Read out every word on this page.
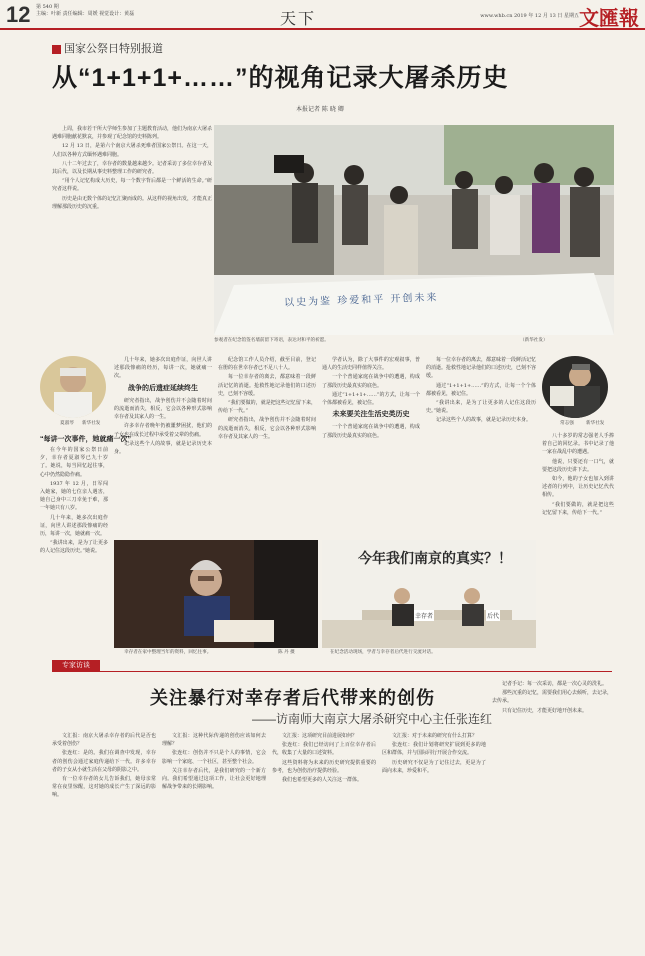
12 第 540 期
主编：叶新 责任编辑：周媛 视觉设计：黄磊	天下	www.whb.cn 2019 年 12 月 13 日 星期五 文匯報
国家公祭日特别报道
从“1+1+1+……”的视角记录大屠杀历史
本报记者 陈 晓 卿

上周，我市若干所大学师生参加了主题教育活动，他们为南京大屠杀遇难同胞献花默哀，并参观了纪念馆的史料陈列。

12 月 13 日，是第六个南京大屠杀死难者国家公祭日。在这一天，人们以各种方式缅怀遇难同胞。

八十二年过去了，幸存者的数量越来越少。记者采访了多位幸存者及其后代，以及长期从事史料整理工作的研究者。

“用个人记忆构成大历史，每一个数字背后都是一个鲜活的生命。”研究者这样说。

历史是由无数个体的记忆汇聚而成的。从这样的视角出发，才能真正理解那段历史的沉重。

以史为鉴 珍爱和平 开创未来
参观者在纪念馆签名墙前留下寄语，表达对和平的祈愿。	（新华社发）
夏淑琴 新华社发
“每讲一次事件，她就痛一次”

在今年的国家公祭日前夕，幸存者夏淑琴已九十岁了。她说，每当回忆起往事，心中仍然隐隐作痛。

1937 年 12 月，日军闯入她家，她的七位亲人遇害，她自己身中三刀幸免于难，那一年她只有八岁。

几十年来，她多次出庭作证，向世人讲述那段惨痛的经历，每讲一次，她就痛一次。

“我讲出来，是为了让更多的人记住这段历史。”她说。

几十年来，她多次出庭作证，向世人讲述那段惨痛的经历，每讲一次，她就痛一次。

战争的后遗症延续终生

研究者指出，战争创伤并不会随着时间的流逝而消失，相反，它会以各种形式影响幸存者及其家人的一生。

许多幸存者晚年仍被噩梦困扰，他们的子女也在成长过程中承受着父辈的伤痛。

记录这些个人的故事，就是记录历史本身。

纪念馆工作人员介绍，截至目前，登记在册的在世幸存者已不足八十人。

每一位幸存者的离去，都意味着一段鲜活记忆的消逝。抢救性地记录他们的口述历史，已刻不容缓。

“我们要做的，就是把这些记忆留下来，传给下一代。”

研究者指出，战争创伤并不会随着时间的流逝而消失，相反，它会以各种形式影响幸存者及其家人的一生。

学者认为，除了大事件的宏观叙事，普通人的生活史同样值得关注。

一个个普通家庭在战争中的遭遇，构成了那段历史最真实的底色。

通过“1+1+1+……”的方式，让每一个个体都被看见，被记住。

未来要关注生活史类历史

一个个普通家庭在战争中的遭遇，构成了那段历史最真实的底色。

每一位幸存者的离去，都意味着一段鲜活记忆的消逝。抢救性地记录他们的口述历史，已刻不容缓。

通过“1+1+1+……”的方式，让每一个个体都被看见，被记住。

“我讲出来，是为了让更多的人记住这段历史。”她说。

记录这些个人的故事，就是记录历史本身。

常志强	新华社发

八十多岁的常志强老人手捧着自己的回忆录。书中记录了他一家在战乱中的遭遇。

他说，只要还有一口气，就要把这段历史讲下去。

如今，他的子女也加入到讲述者的行列中，让历史记忆代代相传。

“我们要做的，就是把这些记忆留下来，传给下一代。”

幸存者在家中整理当年的资料，回忆往事。	陈 丹 摄
今年我们南京的真实？！
幸存者	后代
在纪念活动现场，学者与幸存者后代进行交流对话。
专家访谈
关注暴行对幸存者后代带来的创伤
——访南师大南京大屠杀研究中心主任张连红

文汇报：南京大屠杀幸存者的后代是否也承受着创伤？

张连红：是的。我们在调查中发现，幸存者的创伤会通过家庭传递给下一代。许多幸存者的子女从小就生活在父母的阴影之中。

有一位幸存者的女儿告诉我们，她母亲常常在夜里惊醒，这对她的成长产生了深远的影响。

文汇报：这种代际传递的创伤应该如何去理解？

张连红：创伤并不只是个人的事情，它会影响一个家庭、一个社区，甚至整个社会。

关注幸存者后代，是我们研究的一个新方向。我们希望通过这项工作，让社会更好地理解战争带来的长期影响。

文汇报：这项研究目前进展如何？

张连红：我们已经访问了上百位幸存者后代，收集了大量的口述资料。

这些资料将为未来的历史研究提供重要的参考，也为创伤治疗提供经验。

我们也希望更多的人关注这一群体。

文汇报：对于未来的研究有什么打算？

张连红：我们计划将研究扩展到更多的地区和群体，并与国际同行开展合作交流。

历史研究不仅是为了记住过去，更是为了面向未来，珍爱和平。

记者手记：每一次采访，都是一次心灵的洗礼。

那些沉重的记忆，需要我们用心去倾听，去记录，去传承。

只有记住历史，才能更好地开创未来。
